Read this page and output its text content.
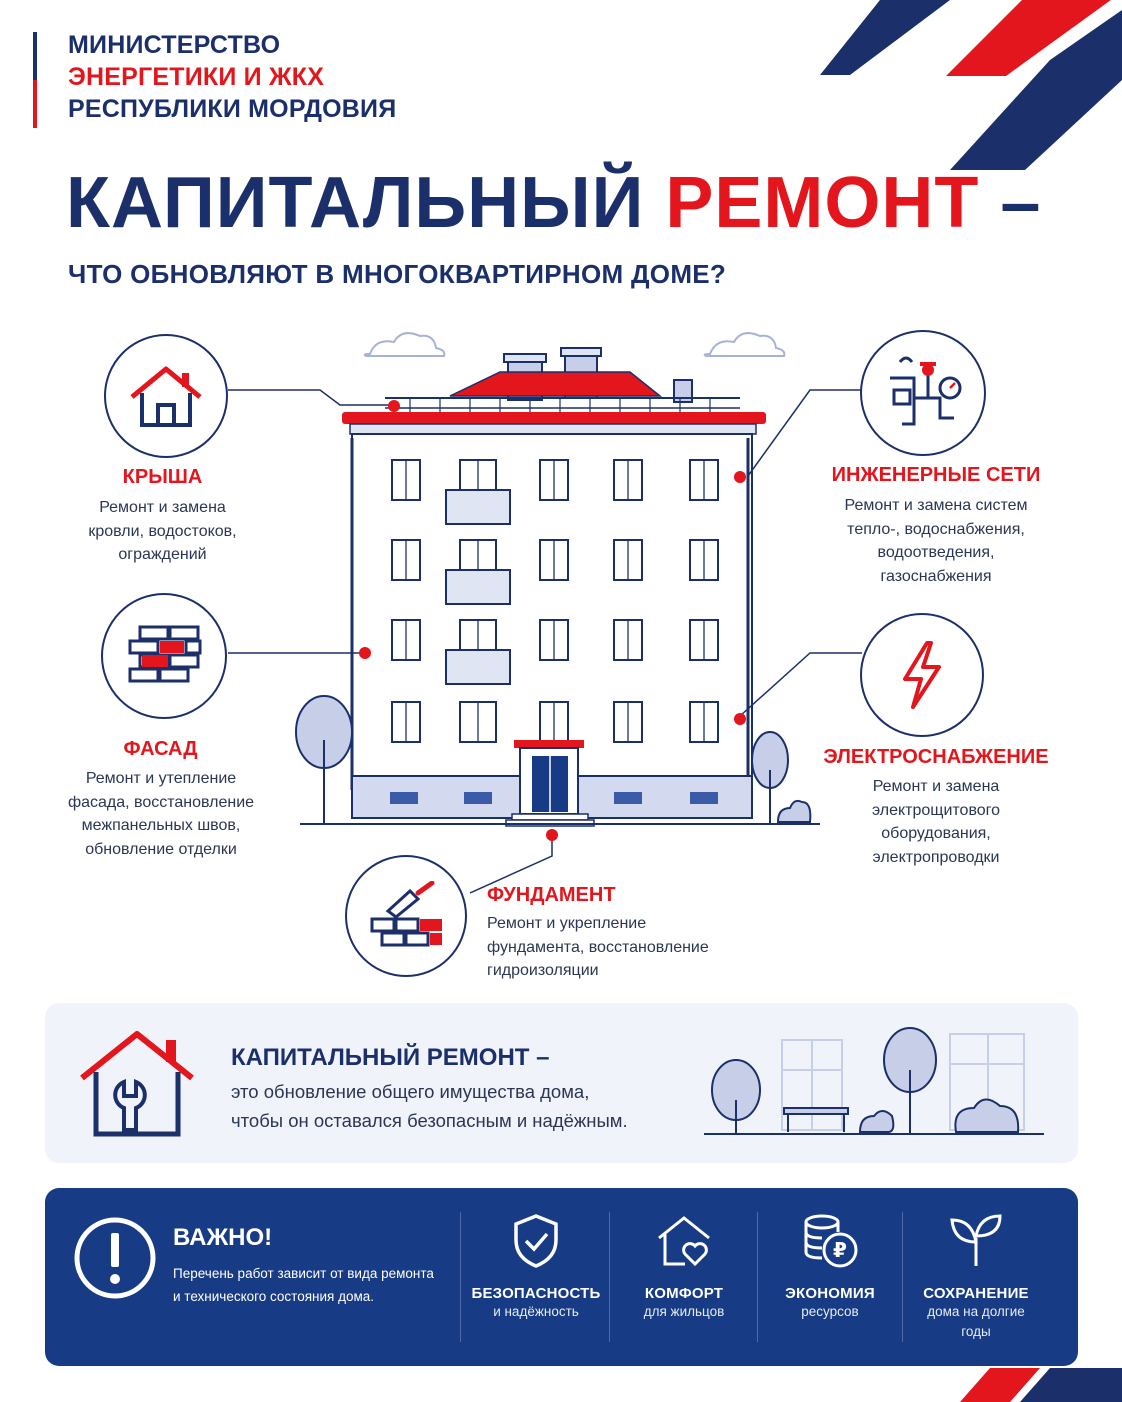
МИНИСТЕРСТВО
ЭНЕРГЕТИКИ И ЖКХ
РЕСПУБЛИКИ МОРДОВИЯ
КАПИТАЛЬНЫЙ РЕМОНТ –
ЧТО ОБНОВЛЯЮТ В МНОГОКВАРТИРНОМ ДОМЕ?
КРЫША
Ремонт и замена
кровли, водостоков,
ограждений
ФАСАД
Ремонт и утепление
фасада, восстановление
межпанельных швов,
обновление отделки
ИНЖЕНЕРНЫЕ СЕТИ
Ремонт и замена систем
тепло-, водоснабжения,
водоотведения,
газоснабжения
ЭЛЕКТРОСНАБЖЕНИЕ
Ремонт и замена
электрощитового
оборудования,
электропроводки
ФУНДАМЕНТ
Ремонт и укрепление
фундамента, восстановление
гидроизоляции
КАПИТАЛЬНЫЙ РЕМОНТ –
это обновление общего имущества дома,
чтобы он оставался безопасным и надёжным.
ВАЖНО!
Перечень работ зависит от вида ремонта
и технического состояния дома.	БЕЗОПАСНОСТЬ
и надёжность
КОМФОРТ
для жильцов
₽
ЭКОНОМИЯ
ресурсов
СОХРАНЕНИЕ
дома на долгие
годы
